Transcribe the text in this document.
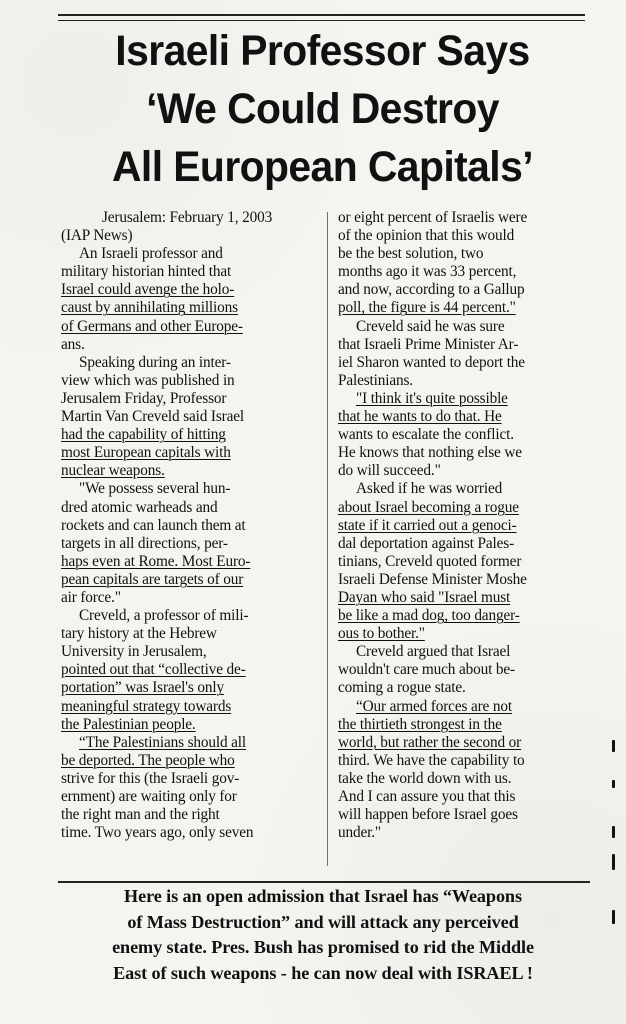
Israeli Professor Says
‘We Could Destroy
All European Capitals’
Jerusalem: February 1, 2003
(IAP News)
An Israeli professor and
military historian hinted that
Israel could avenge the holo-
caust by annihilating millions
of Germans and other Europe-
ans.
Speaking during an inter-
view which was published in
Jerusalem Friday, Professor
Martin Van Creveld said Israel
had the capability of hitting
most European capitals with
nuclear weapons.
"We possess several hun-
dred atomic warheads and
rockets and can launch them at
targets in all directions, per-
haps even at Rome. Most Euro-
pean capitals are targets of our
air force."
Creveld, a professor of mili-
tary history at the Hebrew
University in Jerusalem,
pointed out that “collective de-
portation” was Israel's only
meaningful strategy towards
the Palestinian people.
“The Palestinians should all
be deported. The people who
strive for this (the Israeli gov-
ernment) are waiting only for
the right man and the right
time. Two years ago, only seven
or eight percent of Israelis were
of the opinion that this would
be the best solution, two
months ago it was 33 percent,
and now, according to a Gallup
poll, the figure is 44 percent."
Creveld said he was sure
that Israeli Prime Minister Ar-
iel Sharon wanted to deport the
Palestinians.
"I think it's quite possible
that he wants to do that. He
wants to escalate the conflict.
He knows that nothing else we
do will succeed."
Asked if he was worried
about Israel becoming a rogue
state if it carried out a genoci-
dal deportation against Pales-
tinians, Creveld quoted former
Israeli Defense Minister Moshe
Dayan who said "Israel must
be like a mad dog, too danger-
ous to bother."
Creveld argued that Israel
wouldn't care much about be-
coming a rogue state.
“Our armed forces are not
the thirtieth strongest in the
world, but rather the second or
third. We have the capability to
take the world down with us.
And I can assure you that this
will happen before Israel goes
under."
Here is an open admission that Israel has “Weapons
of Mass Destruction” and will attack any perceived
enemy state. Pres. Bush has promised to rid the Middle
East of such weapons - he can now deal with ISRAEL !
